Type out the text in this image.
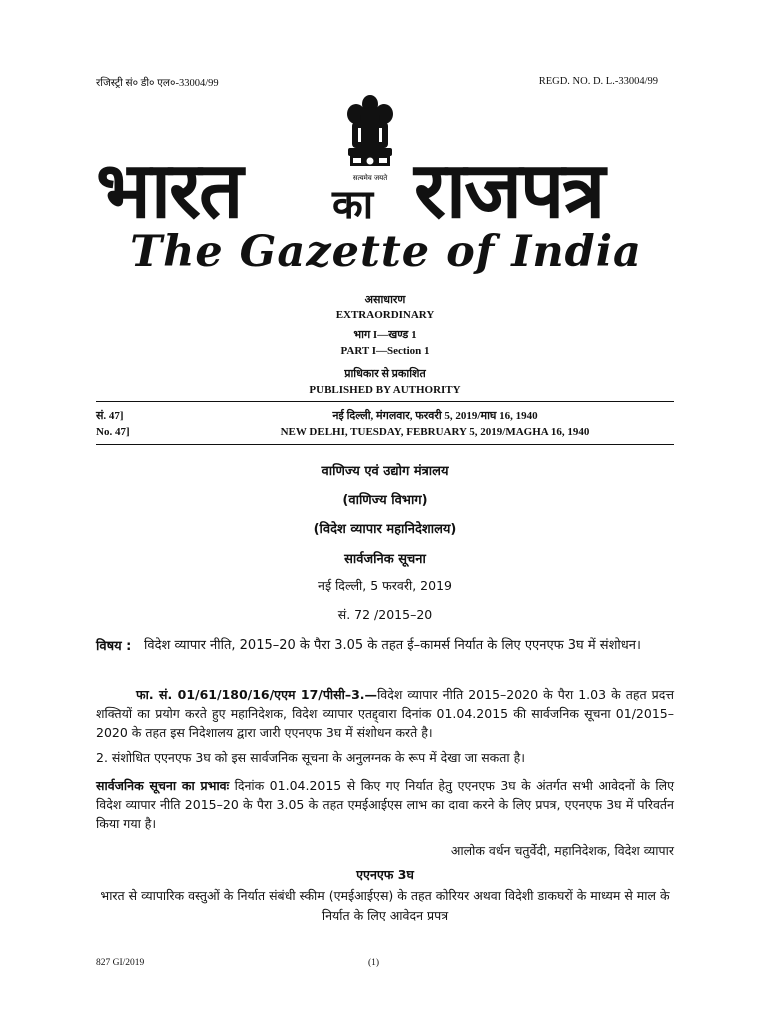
रजिस्ट्री सं० डी० एल०-33004/99	REGD. NO. D. L.-33004/99
सत्यमेव जयते
भारत का राजपत्र
The Gazette of India
असाधारण
EXTRAORDINARY
भाग I—खण्ड 1
PART I—Section 1
प्राधिकार से प्रकाशित
PUBLISHED BY AUTHORITY
सं. 47]	नई दिल्ली, मंगलवार, फरवरी 5, 2019/माघ 16, 1940
No. 47]	NEW DELHI, TUESDAY, FEBRUARY 5, 2019/MAGHA 16, 1940
वाणिज्य एवं उद्योग मंत्रालय
(वाणिज्य विभाग)
(विदेश व्यापार महानिदेशालय)
सार्वजनिक सूचना
नई दिल्ली, 5 फरवरी, 2019
सं. 72 /2015–20
विषय : विदेश व्यापार नीति, 2015–20 के पैरा 3.05 के तहत ई–कामर्स निर्यात के लिए एएनएफ 3घ में संशोधन।
फा. सं. 01/61/180/16/एएम 17/पीसी–3.—विदेश व्यापार नीति 2015–2020 के पैरा 1.03 के तहत प्रदत्त शक्तियों का प्रयोग करते हुए महानिदेशक, विदेश व्यापार एतद्द्वारा दिनांक 01.04.2015 की सार्वजनिक सूचना 01/2015–2020 के तहत इस निदेशालय द्वारा जारी एएनएफ 3घ में संशोधन करते है।
2. संशोधित एएनएफ 3घ को इस सार्वजनिक सूचना के अनुलग्नक के रूप में देखा जा सकता है।
सार्वजनिक सूचना का प्रभावः दिनांक 01.04.2015 से किए गए निर्यात हेतु एएनएफ 3घ के अंतर्गत सभी आवेदनों के लिए विदेश व्यापार नीति 2015–20 के पैरा 3.05 के तहत एमईआईएस लाभ का दावा करने के लिए प्रपत्र, एएनएफ 3घ में परिवर्तन किया गया है।
आलोक वर्धन चतुर्वेदी, महानिदेशक, विदेश व्यापार
एएनएफ 3घ
भारत से व्यापारिक वस्तुओं के निर्यात संबंधी स्कीम (एमईआईएस) के तहत कोरियर अथवा विदेशी डाकघरों के माध्यम से माल के निर्यात के लिए आवेदन प्रपत्र
827 GI/2019	(1)
